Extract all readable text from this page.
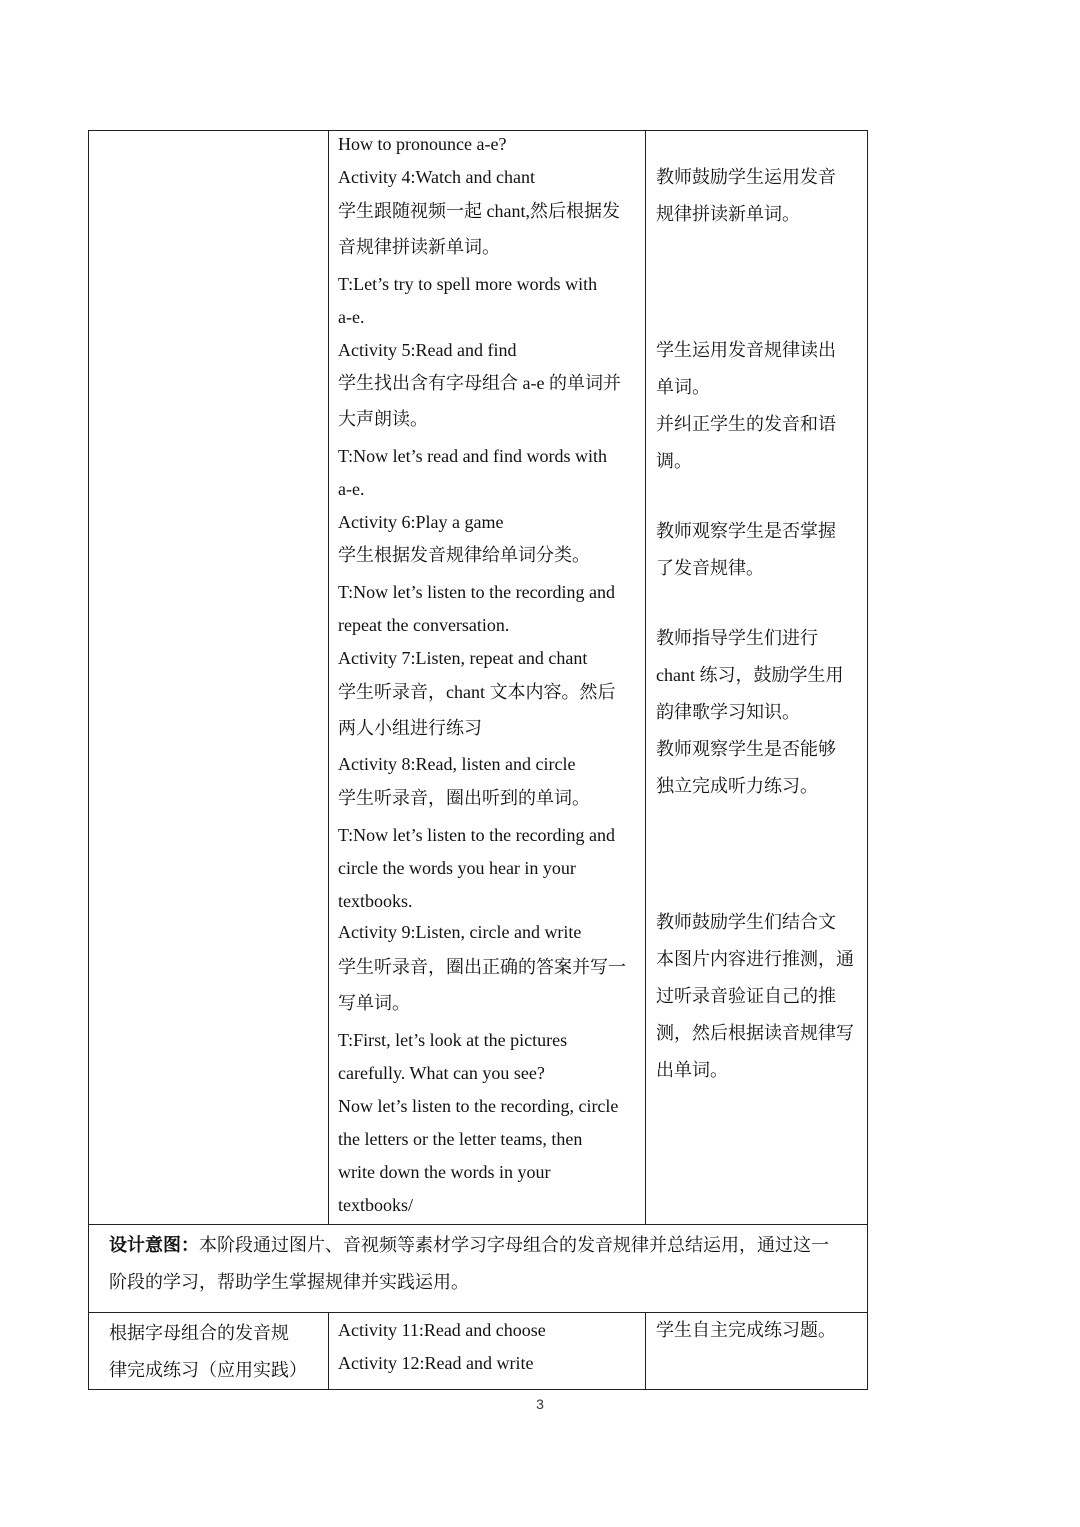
How to pronounce a-e?
Activity 4:Watch and chant
学生跟随视频一起 chant,然后根据发
音规律拼读新单词。
T:Let’s try to spell more words with
a-e.
Activity 5:Read and find
学生找出含有字母组合 a-e 的单词并
大声朗读。
T:Now let’s read and find words with
a-e.
Activity 6:Play a game
学生根据发音规律给单词分类。
T:Now let’s listen to the recording and
repeat the conversation.
Activity 7:Listen, repeat and chant
学生听录音，chant 文本内容。然后
两人小组进行练习
Activity 8:Read, listen and circle
学生听录音，圈出听到的单词。
T:Now let’s listen to the recording and
circle the words you hear in your
textbooks.
Activity 9:Listen, circle and write
学生听录音，圈出正确的答案并写一
写单词。
T:First, let’s look at the pictures
carefully. What can you see?
Now let’s listen to the recording, circle
the letters or the letter teams, then
write down the words in your
textbooks/
教师鼓励学生运用发音
规律拼读新单词。
学生运用发音规律读出
单词。
并纠正学生的发音和语
调。
教师观察学生是否掌握
了发音规律。
教师指导学生们进行
chant 练习，鼓励学生用
韵律歌学习知识。
教师观察学生是否能够
独立完成听力练习。
教师鼓励学生们结合文
本图片内容进行推测，通
过听录音验证自己的推
测，然后根据读音规律写
出单词。
设计意图：本阶段通过图片、音视频等素材学习字母组合的发音规律并总结运用，通过这一
阶段的学习，帮助学生掌握规律并实践运用。
根据字母组合的发音规
律完成练习（应用实践）
Activity 11:Read and choose
Activity 12:Read and write
学生自主完成练习题。
3
